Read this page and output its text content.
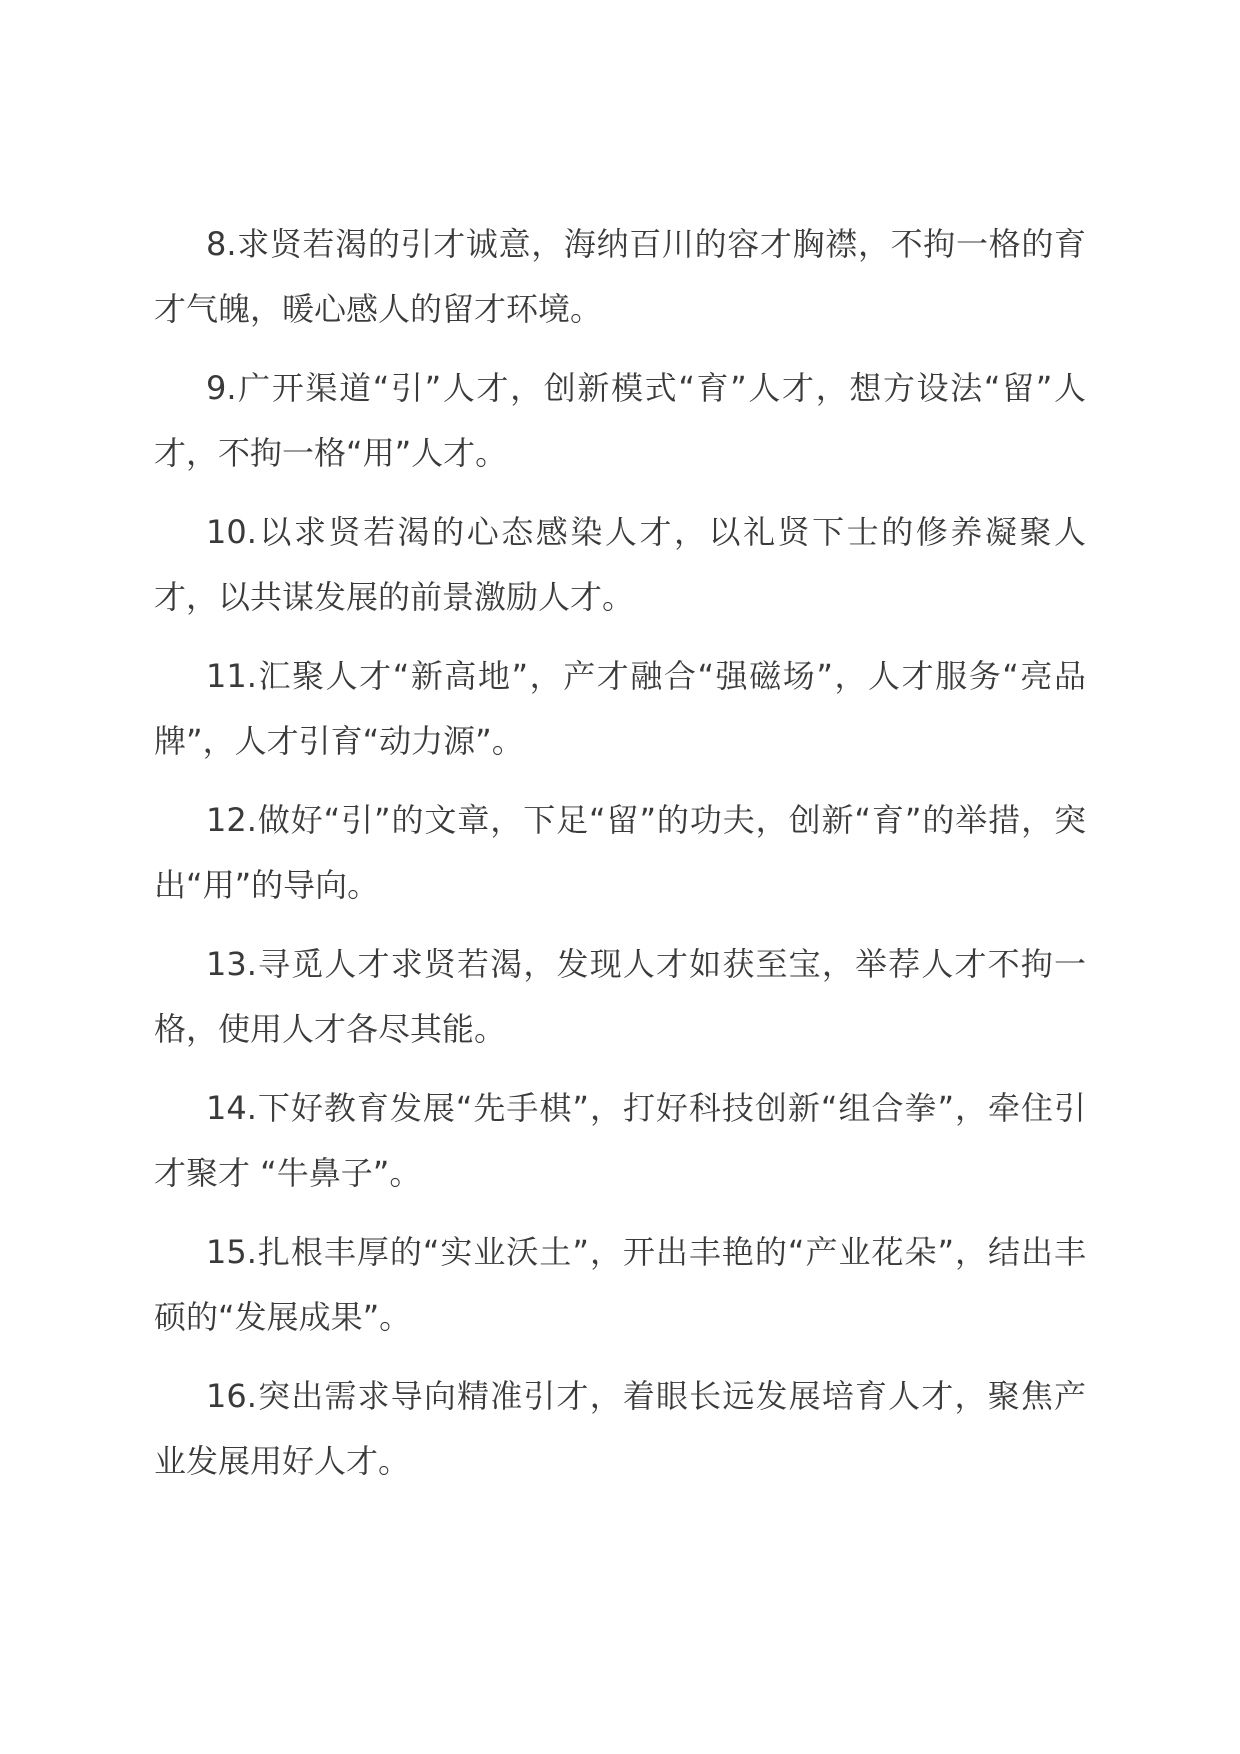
8.求贤若渴的引才诚意，海纳百川的容才胸襟，不拘一格的育才气魄，暖心感人的留才环境。

9.广开渠道“引”人才，创新模式“育”人才，想方设法“留”人才，不拘一格“用”人才。

10.以求贤若渴的心态感染人才，以礼贤下士的修养凝聚人才，以共谋发展的前景激励人才。

11.汇聚人才“新高地”，产才融合“强磁场”，人才服务“亮品牌”，人才引育“动力源”。

12.做好“引”的文章，下足“留”的功夫，创新“育”的举措，突出“用”的导向。

13.寻觅人才求贤若渴，发现人才如获至宝，举荐人才不拘一格，使用人才各尽其能。

14.下好教育发展“先手棋”，打好科技创新“组合拳”，牵住引才聚才 “牛鼻子”。

15.扎根丰厚的“实业沃土”，开出丰艳的“产业花朵”，结出丰硕的“发展成果”。

16.突出需求导向精准引才，着眼长远发展培育人才，聚焦产业发展用好人才。
